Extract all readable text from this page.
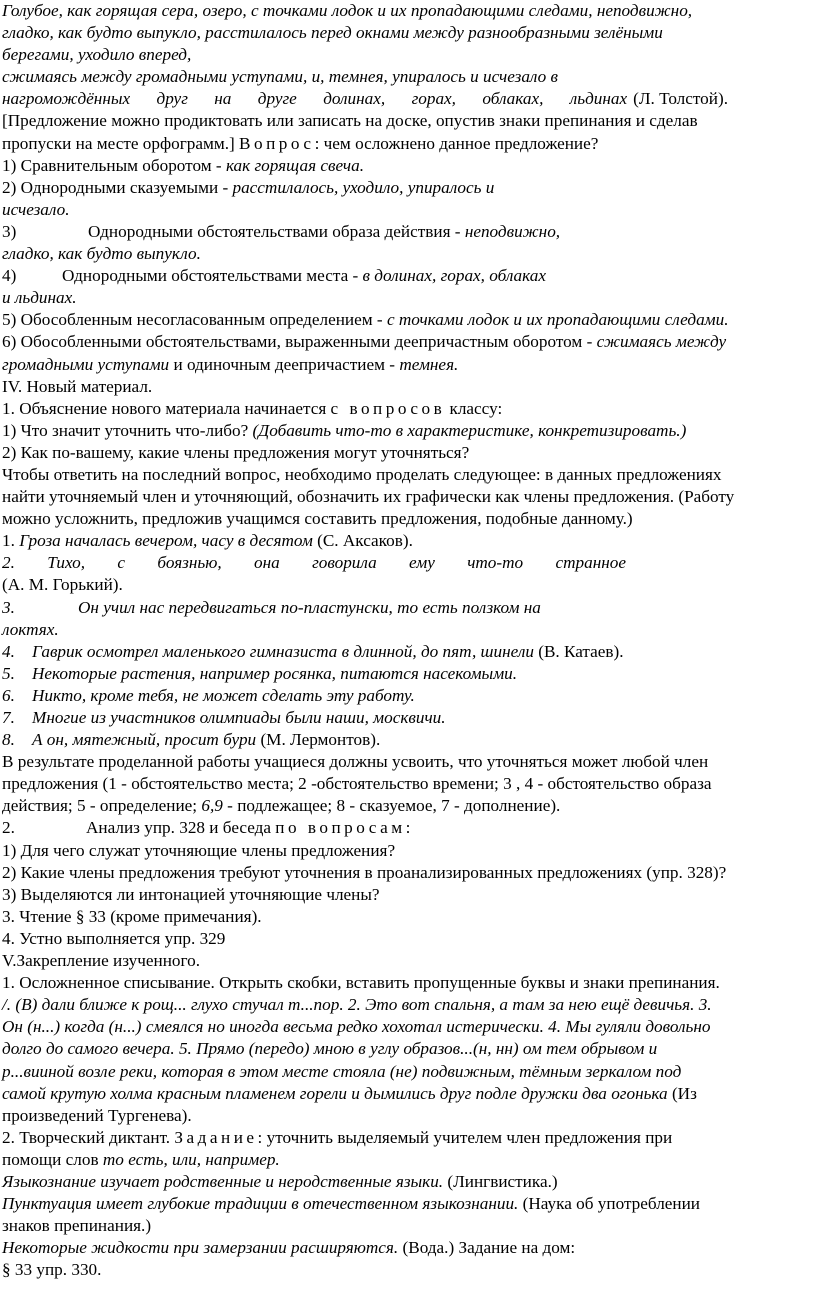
Голубое, как горящая сера, озеро, с точками лодок и их пропадающими следами, неподвижно,
гладко, как будто выпукло, расстилалось перед окнами между разнообразными зелёными
берегами, уходило вперед,
сжимаясь между громадными уступами, и, темнея, упиралось и исчезало в
нагромождённых друг на друге долинах, горах, облаках, льдинах (Л. Толстой).
[Предложение можно продиктовать или записать на доске, опустив знаки препинания и сделав
пропуски на месте орфограмм.] Вопрос: чем осложнено данное предложение?
1) Сравнительным оборотом - как горящая свеча.
2) Однородными сказуемыми - расстилалось, уходило, упиралось и
исчезало.
3)	Однородными обстоятельствами образа действия - неподвижно,
гладко, как будто выпукло.
4)	Однородными обстоятельствами места - в долинах, горах, облаках
и льдинах.
5) Обособленным несогласованным определением - с точками лодок и их пропадающими следами.
6) Обособленными обстоятельствами, выраженными деепричастным оборотом - сжимаясь между
громадными уступами и одиночным деепричастием - темнея.
IV. Новый материал.
1. Объяснение нового материала начинается с вопросов классу:
1) Что значит уточнить что-либо? (Добавить что-то в характеристике, конкретизировать.)
2) Как по-вашему, какие члены предложения могут уточняться?
Чтобы ответить на последний вопрос, необходимо проделать следующее: в данных предложениях
найти уточняемый член и уточняющий, обозначить их графически как члены предложения. (Работу
можно усложнить, предложив учащимся составить предложения, подобные данному.)
1. Гроза началась вечером, часу в десятом (С. Аксаков).
2. Тихо, с боязнью, она говорила ему что-то странное
(А. М. Горький).
3.	Он учил нас передвигаться по-пластунски, то есть ползком на
локтях.
4. Гаврик осмотрел маленького гимназиста в длинной, до пят, шинели (В. Катаев).
5. Некоторые растения, например росянка, питаются насекомыми.
6. Никто, кроме тебя, не может сделать эту работу.
7. Многие из участников олимпиады были наши, москвичи.
8. А он, мятежный, просит бури (М. Лермонтов).
В результате проделанной работы учащиеся должны усвоить, что уточняться может любой член
предложения (1 - обстоятельство места; 2 -обстоятельство времени; 3 , 4 - обстоятельство образа
действия; 5 - определение; 6,9 - подлежащее; 8 - сказуемое, 7 - дополнение).
2.	Анализ упр. 328 и беседа по вопросам:
1) Для чего служат уточняющие члены предложения?
2) Какие члены предложения требуют уточнения в проанализированных предложениях (упр. 328)?
3) Выделяются ли интонацией уточняющие члены?
3. Чтение § 33 (кроме примечания).
4. Устно выполняется упр. 329
V.Закрепление изученного.
1. Осложненное списывание. Открыть скобки, вставить пропущенные буквы и знаки препинания.
/. (В) дали ближе к рощ... глухо стучал т...пор. 2. Это вот спальня, а там за нею ещё девичья. 3.
Он (н...) когда (н...) смеялся но иногда весьма редко хохотал истерически. 4. Мы гуляли довольно
долго до самого вечера. 5. Прямо (передо) мною в углу образов...(н, нн) ом тем обрывом и
р...вииной возле реки, которая в этом месте стояла (не) подвижным, тёмным зеркалом под
самой крутую холма красным пламенем горели и дымились друг подле дружки два огонька (Из
произведений Тургенева).
2. Творческий диктант. Задание: уточнить выделяемый учителем член предложения при
помощи слов то есть, или, например.
Языкознание изучает родственные и неродственные языки. (Лингвистика.)
Пунктуация имеет глубокие традиции в отечественном языкознании. (Наука об употреблении
знаков препинания.)
Некоторые жидкости при замерзании расширяются. (Вода.) Задание на дом:
§ 33 упр. 330.
